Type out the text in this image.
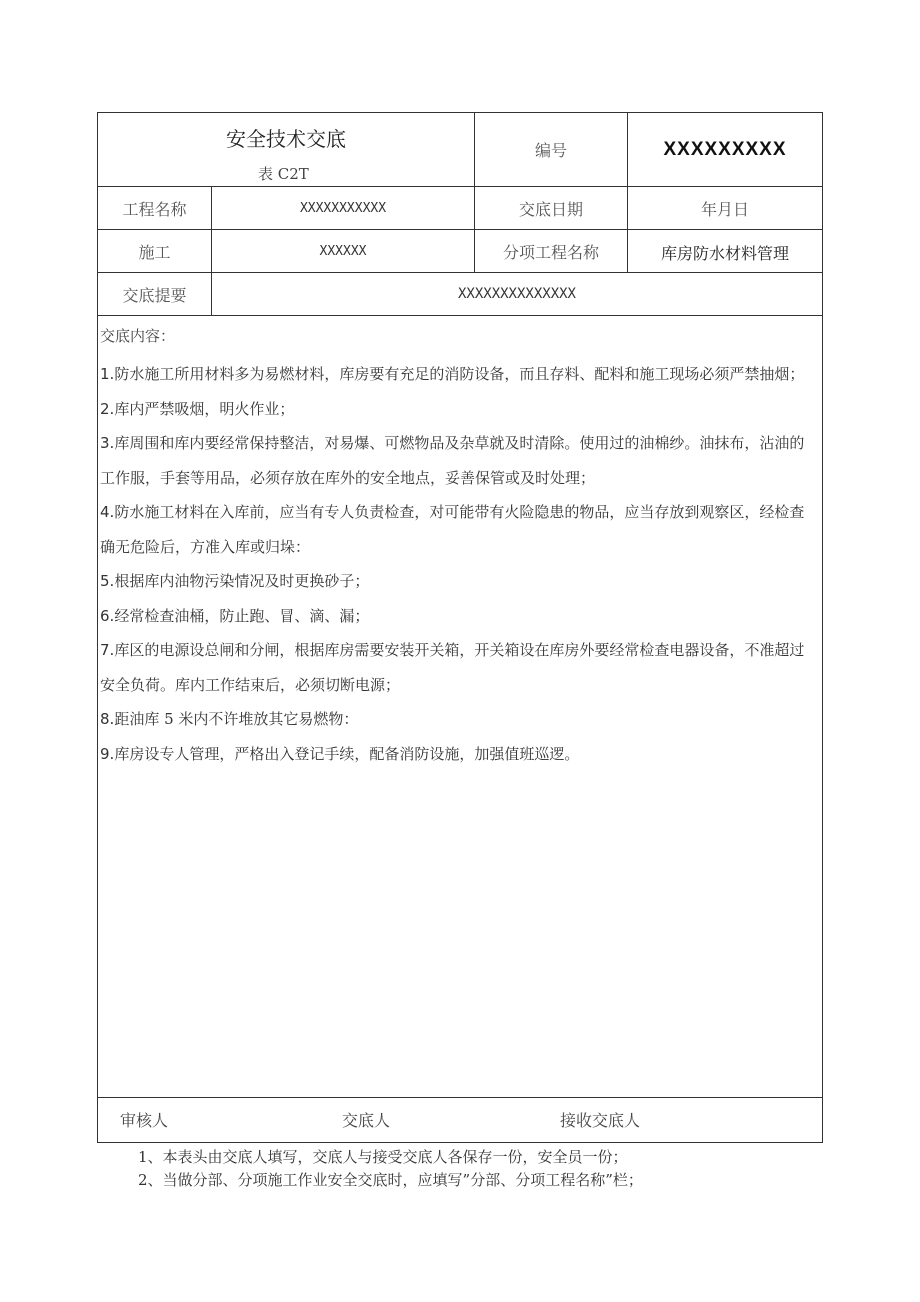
安全技术交底
表 C2T
编号	XXXXXXXXX
工程名称	XXXXXXXXXXX	交底日期	年月日
施工	XXXXXX	分项工程名称	库房防水材料管理
交底提要	XXXXXXXXXXXXXX
交底内容：
1.防水施工所用材料多为易燃材料，库房要有充足的消防设备，而且存料、配料和施工现场必须严禁抽烟；
2.库内严禁吸烟，明火作业；
3.库周围和库内要经常保持整洁，对易爆、可燃物品及杂草就及时清除。使用过的油棉纱。油抹布，沾油的工作服，手套等用品，必须存放在库外的安全地点，妥善保管或及时处理；
4.防水施工材料在入库前，应当有专人负责检查，对可能带有火险隐患的物品，应当存放到观察区，经检查确无危险后，方准入库或归垛：
5.根据库内油物污染情况及时更换砂子；
6.经常检查油桶，防止跑、冒、滴、漏；
7.库区的电源设总闸和分闸，根据库房需要安装开关箱，开关箱设在库房外要经常检查电器设备，不准超过安全负荷。库内工作结束后，必须切断电源；
8.距油库 5 米内不许堆放其它易燃物：
9.库房设专人管理，严格出入登记手续，配备消防设施，加强值班巡逻。
审核人	交底人	接收交底人
1、本表头由交底人填写，交底人与接受交底人各保存一份，安全员一份；
2、当做分部、分项施工作业安全交底时，应填写”分部、分项工程名称”栏；
